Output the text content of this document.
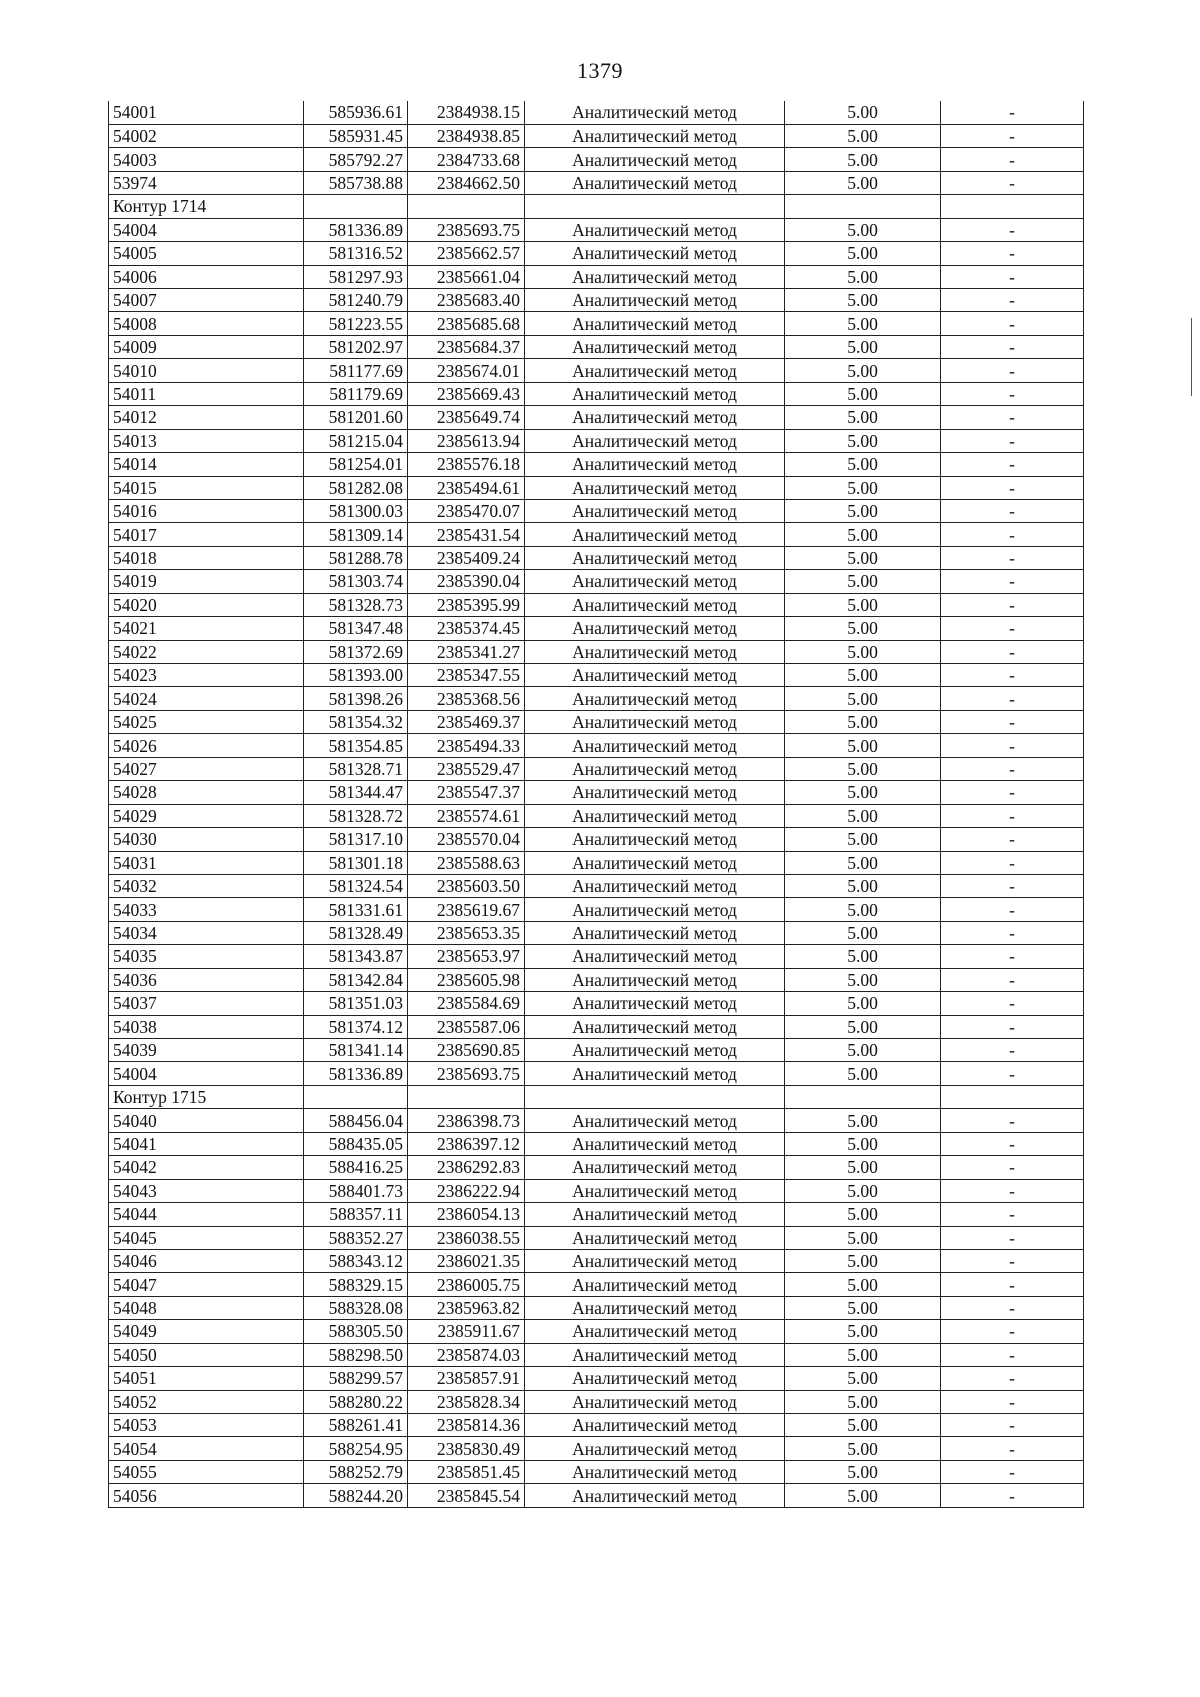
1379
54001	585936.61	2384938.15	Аналитический метод	5.00	-
54002	585931.45	2384938.85	Аналитический метод	5.00	-
54003	585792.27	2384733.68	Аналитический метод	5.00	-
53974	585738.88	2384662.50	Аналитический метод	5.00	-
Контур 1714					
54004	581336.89	2385693.75	Аналитический метод	5.00	-
54005	581316.52	2385662.57	Аналитический метод	5.00	-
54006	581297.93	2385661.04	Аналитический метод	5.00	-
54007	581240.79	2385683.40	Аналитический метод	5.00	-
54008	581223.55	2385685.68	Аналитический метод	5.00	-
54009	581202.97	2385684.37	Аналитический метод	5.00	-
54010	581177.69	2385674.01	Аналитический метод	5.00	-
54011	581179.69	2385669.43	Аналитический метод	5.00	-
54012	581201.60	2385649.74	Аналитический метод	5.00	-
54013	581215.04	2385613.94	Аналитический метод	5.00	-
54014	581254.01	2385576.18	Аналитический метод	5.00	-
54015	581282.08	2385494.61	Аналитический метод	5.00	-
54016	581300.03	2385470.07	Аналитический метод	5.00	-
54017	581309.14	2385431.54	Аналитический метод	5.00	-
54018	581288.78	2385409.24	Аналитический метод	5.00	-
54019	581303.74	2385390.04	Аналитический метод	5.00	-
54020	581328.73	2385395.99	Аналитический метод	5.00	-
54021	581347.48	2385374.45	Аналитический метод	5.00	-
54022	581372.69	2385341.27	Аналитический метод	5.00	-
54023	581393.00	2385347.55	Аналитический метод	5.00	-
54024	581398.26	2385368.56	Аналитический метод	5.00	-
54025	581354.32	2385469.37	Аналитический метод	5.00	-
54026	581354.85	2385494.33	Аналитический метод	5.00	-
54027	581328.71	2385529.47	Аналитический метод	5.00	-
54028	581344.47	2385547.37	Аналитический метод	5.00	-
54029	581328.72	2385574.61	Аналитический метод	5.00	-
54030	581317.10	2385570.04	Аналитический метод	5.00	-
54031	581301.18	2385588.63	Аналитический метод	5.00	-
54032	581324.54	2385603.50	Аналитический метод	5.00	-
54033	581331.61	2385619.67	Аналитический метод	5.00	-
54034	581328.49	2385653.35	Аналитический метод	5.00	-
54035	581343.87	2385653.97	Аналитический метод	5.00	-
54036	581342.84	2385605.98	Аналитический метод	5.00	-
54037	581351.03	2385584.69	Аналитический метод	5.00	-
54038	581374.12	2385587.06	Аналитический метод	5.00	-
54039	581341.14	2385690.85	Аналитический метод	5.00	-
54004	581336.89	2385693.75	Аналитический метод	5.00	-
Контур 1715					
54040	588456.04	2386398.73	Аналитический метод	5.00	-
54041	588435.05	2386397.12	Аналитический метод	5.00	-
54042	588416.25	2386292.83	Аналитический метод	5.00	-
54043	588401.73	2386222.94	Аналитический метод	5.00	-
54044	588357.11	2386054.13	Аналитический метод	5.00	-
54045	588352.27	2386038.55	Аналитический метод	5.00	-
54046	588343.12	2386021.35	Аналитический метод	5.00	-
54047	588329.15	2386005.75	Аналитический метод	5.00	-
54048	588328.08	2385963.82	Аналитический метод	5.00	-
54049	588305.50	2385911.67	Аналитический метод	5.00	-
54050	588298.50	2385874.03	Аналитический метод	5.00	-
54051	588299.57	2385857.91	Аналитический метод	5.00	-
54052	588280.22	2385828.34	Аналитический метод	5.00	-
54053	588261.41	2385814.36	Аналитический метод	5.00	-
54054	588254.95	2385830.49	Аналитический метод	5.00	-
54055	588252.79	2385851.45	Аналитический метод	5.00	-
54056	588244.20	2385845.54	Аналитический метод	5.00	-
